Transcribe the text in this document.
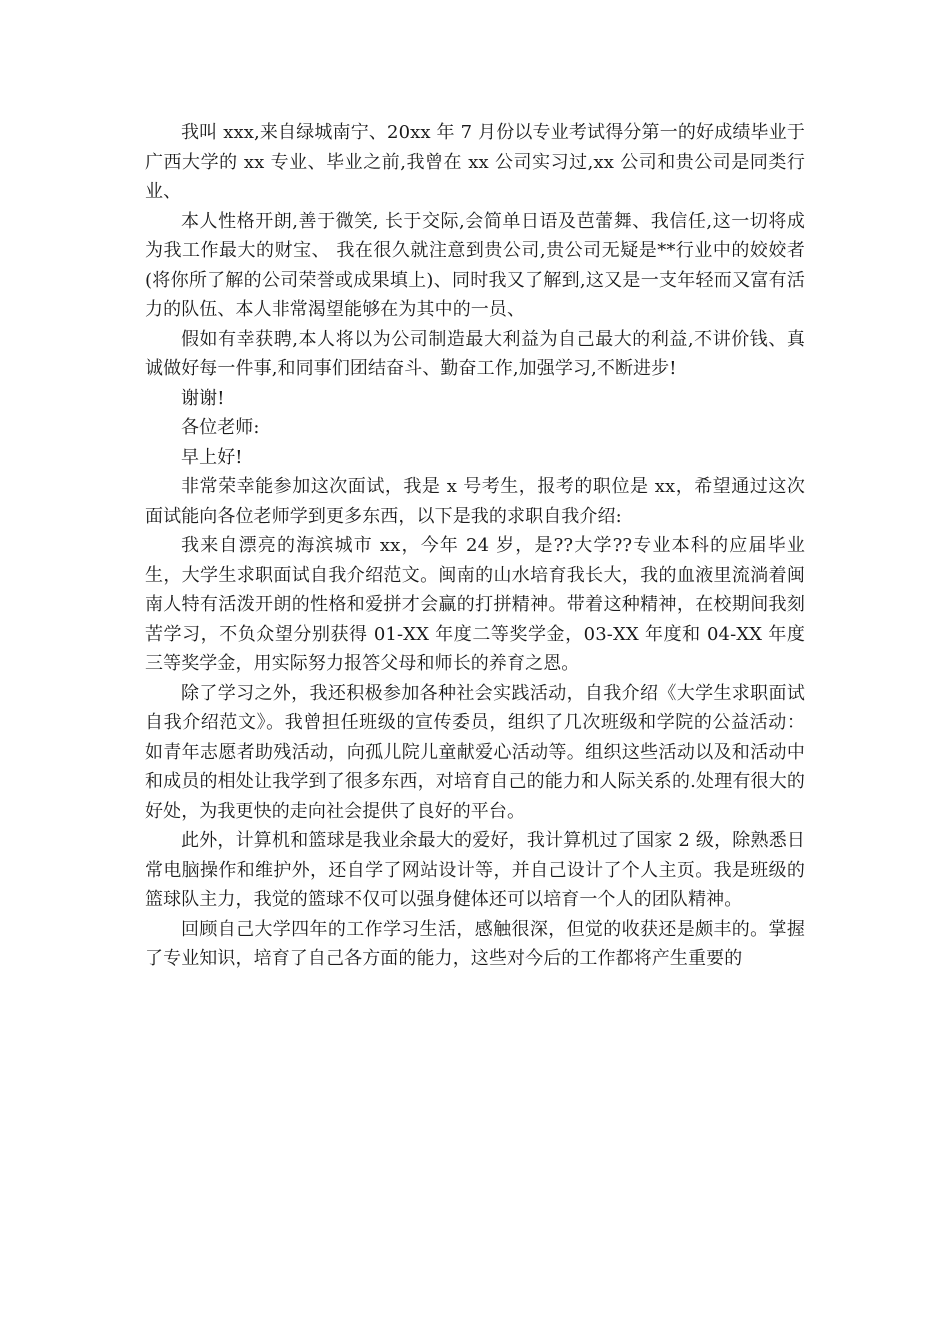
我叫 xxx,来自绿城南宁、20xx 年 7 月份以专业考试得分第一的好成绩毕业于广西大学的 xx 专业、毕业之前,我曾在 xx 公司实习过,xx 公司和贵公司是同类行业、

本人性格开朗,善于微笑, 长于交际,会简单日语及芭蕾舞、我信任,这一切将成为我工作最大的财宝、 我在很久就注意到贵公司,贵公司无疑是**行业中的姣姣者(将你所了解的公司荣誉或成果填上)、同时我又了解到,这又是一支年轻而又富有活力的队伍、本人非常渴望能够在为其中的一员、

假如有幸获聘,本人将以为公司制造最大利益为自己最大的利益,不讲价钱、真诚做好每一件事,和同事们团结奋斗、勤奋工作,加强学习,不断进步!

谢谢!

各位老师:

早上好!

非常荣幸能参加这次面试，我是 x 号考生，报考的职位是 xx，希望通过这次面试能向各位老师学到更多东西，以下是我的求职自我介绍:

我来自漂亮的海滨城市 xx，今年 24 岁，是??大学??专业本科的应届毕业生，大学生求职面试自我介绍范文。闽南的山水培育我长大，我的血液里流淌着闽南人特有活泼开朗的性格和爱拼才会赢的打拼精神。带着这种精神，在校期间我刻苦学习，不负众望分别获得 01-XX 年度二等奖学金，03-XX 年度和 04-XX 年度三等奖学金，用实际努力报答父母和师长的养育之恩。

除了学习之外，我还积极参加各种社会实践活动，自我介绍《大学生求职面试自我介绍范文》。我曾担任班级的宣传委员，组织了几次班级和学院的公益活动：如青年志愿者助残活动，向孤儿院儿童献爱心活动等。组织这些活动以及和活动中和成员的相处让我学到了很多东西，对培育自己的能力和人际关系的.处理有很大的好处，为我更快的走向社会提供了良好的平台。

此外，计算机和篮球是我业余最大的爱好，我计算机过了国家 2 级，除熟悉日常电脑操作和维护外，还自学了网站设计等，并自己设计了个人主页。我是班级的篮球队主力，我觉的篮球不仅可以强身健体还可以培育一个人的团队精神。

回顾自己大学四年的工作学习生活，感触很深，但觉的收获还是颇丰的。掌握了专业知识，培育了自己各方面的能力，这些对今后的工作都将产生重要的
